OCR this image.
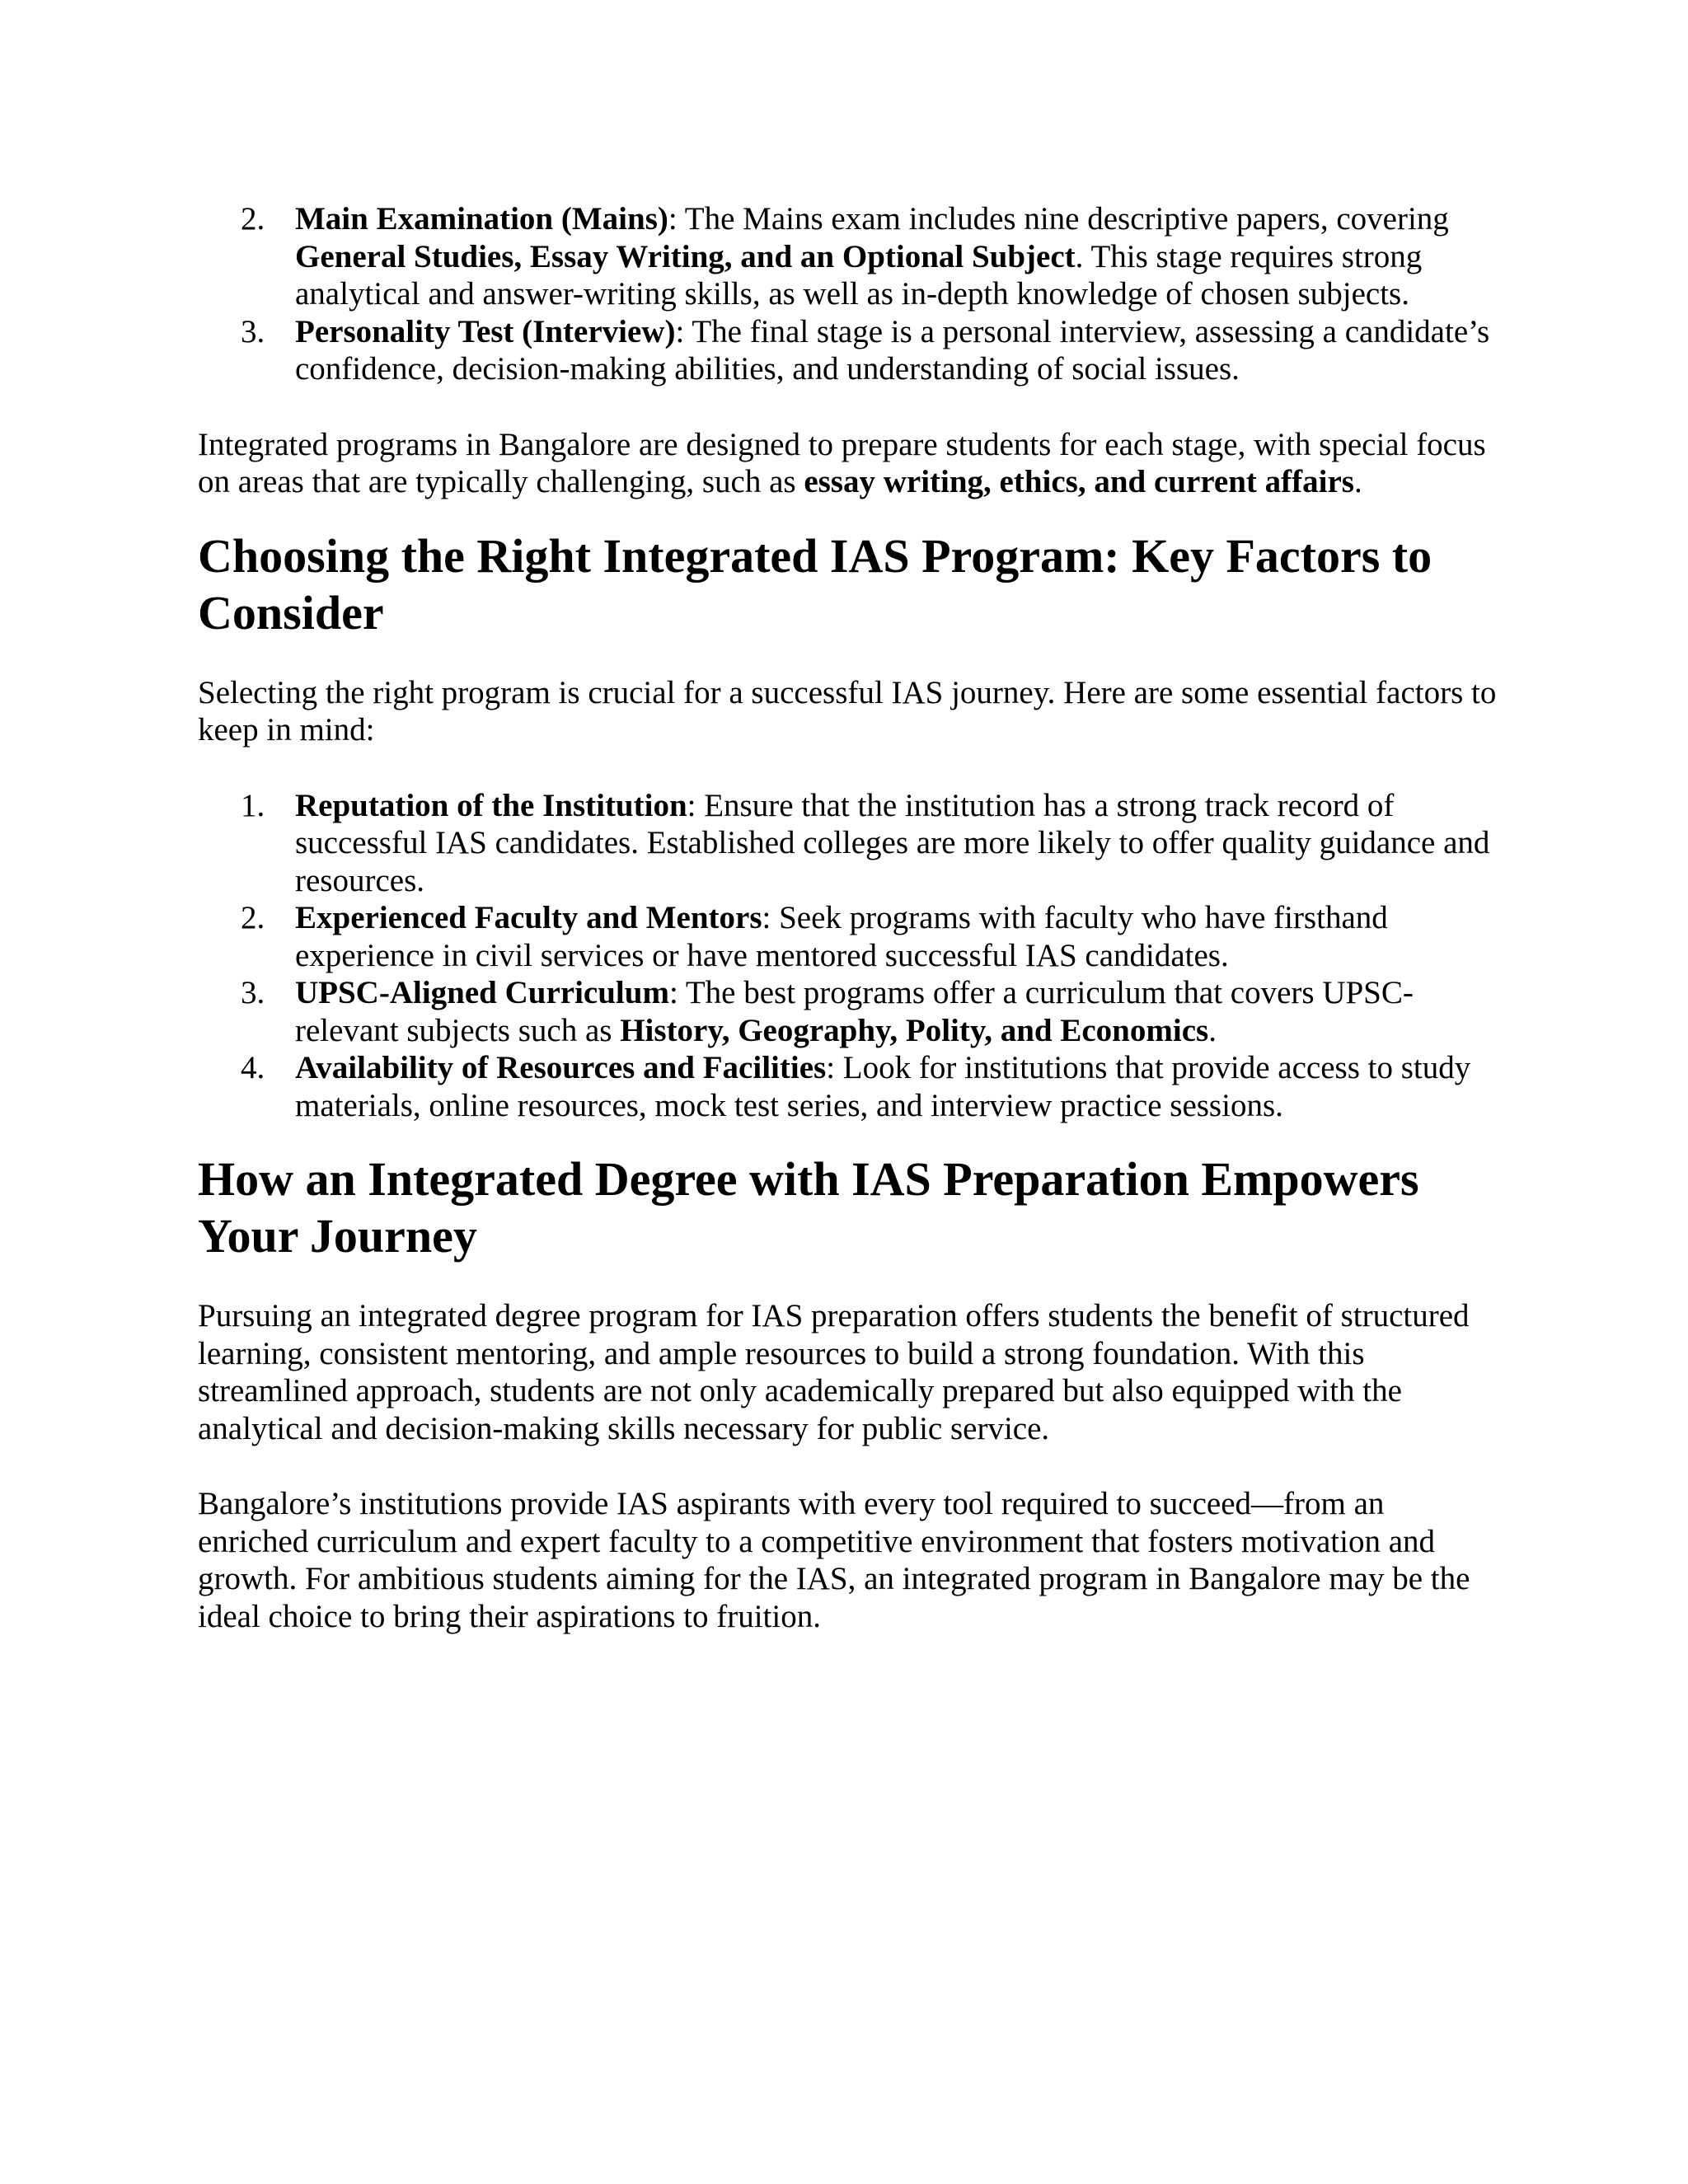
2. Main Examination (Mains): The Mains exam includes nine descriptive papers, covering General Studies, Essay Writing, and an Optional Subject. This stage requires strong analytical and answer-writing skills, as well as in-depth knowledge of chosen subjects.
3. Personality Test (Interview): The final stage is a personal interview, assessing a candidate’s confidence, decision-making abilities, and understanding of social issues.

Integrated programs in Bangalore are designed to prepare students for each stage, with special focus on areas that are typically challenging, such as essay writing, ethics, and current affairs.

Choosing the Right Integrated IAS Program: Key Factors to Consider

Selecting the right program is crucial for a successful IAS journey. Here are some essential factors to keep in mind:

1. Reputation of the Institution: Ensure that the institution has a strong track record of successful IAS candidates. Established colleges are more likely to offer quality guidance and resources.
2. Experienced Faculty and Mentors: Seek programs with faculty who have firsthand experience in civil services or have mentored successful IAS candidates.
3. UPSC-Aligned Curriculum: The best programs offer a curriculum that covers UPSC-relevant subjects such as History, Geography, Polity, and Economics.
4. Availability of Resources and Facilities: Look for institutions that provide access to study materials, online resources, mock test series, and interview practice sessions.
How an Integrated Degree with IAS Preparation Empowers Your Journey

Pursuing an integrated degree program for IAS preparation offers students the benefit of structured learning, consistent mentoring, and ample resources to build a strong foundation. With this streamlined approach, students are not only academically prepared but also equipped with the analytical and decision-making skills necessary for public service.

Bangalore’s institutions provide IAS aspirants with every tool required to succeed—from an enriched curriculum and expert faculty to a competitive environment that fosters motivation and growth. For ambitious students aiming for the IAS, an integrated program in Bangalore may be the ideal choice to bring their aspirations to fruition.
